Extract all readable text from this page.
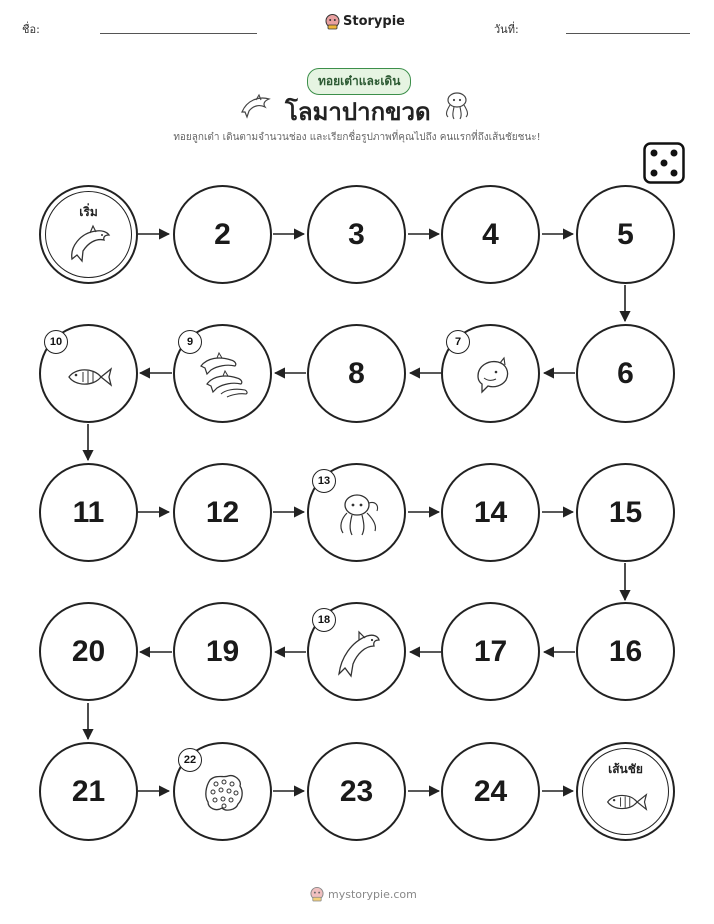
ชื่อ:
Storypie
วันที่:
ทอยเต๋าและเดิน
โลมาปากขวด
ทอยลูกเต๋า เดินตามจำนวนช่อง และเรียกชื่อรูปภาพที่คุณไปถึง คนแรกที่ถึงเส้นชัยชนะ!
เริ่ม
2	3	4	5
6
7
8
9
10
11	12
13
14	15
16
17
18
19
20
21
22
23	24
เส้นชัย
mystorypie.com
